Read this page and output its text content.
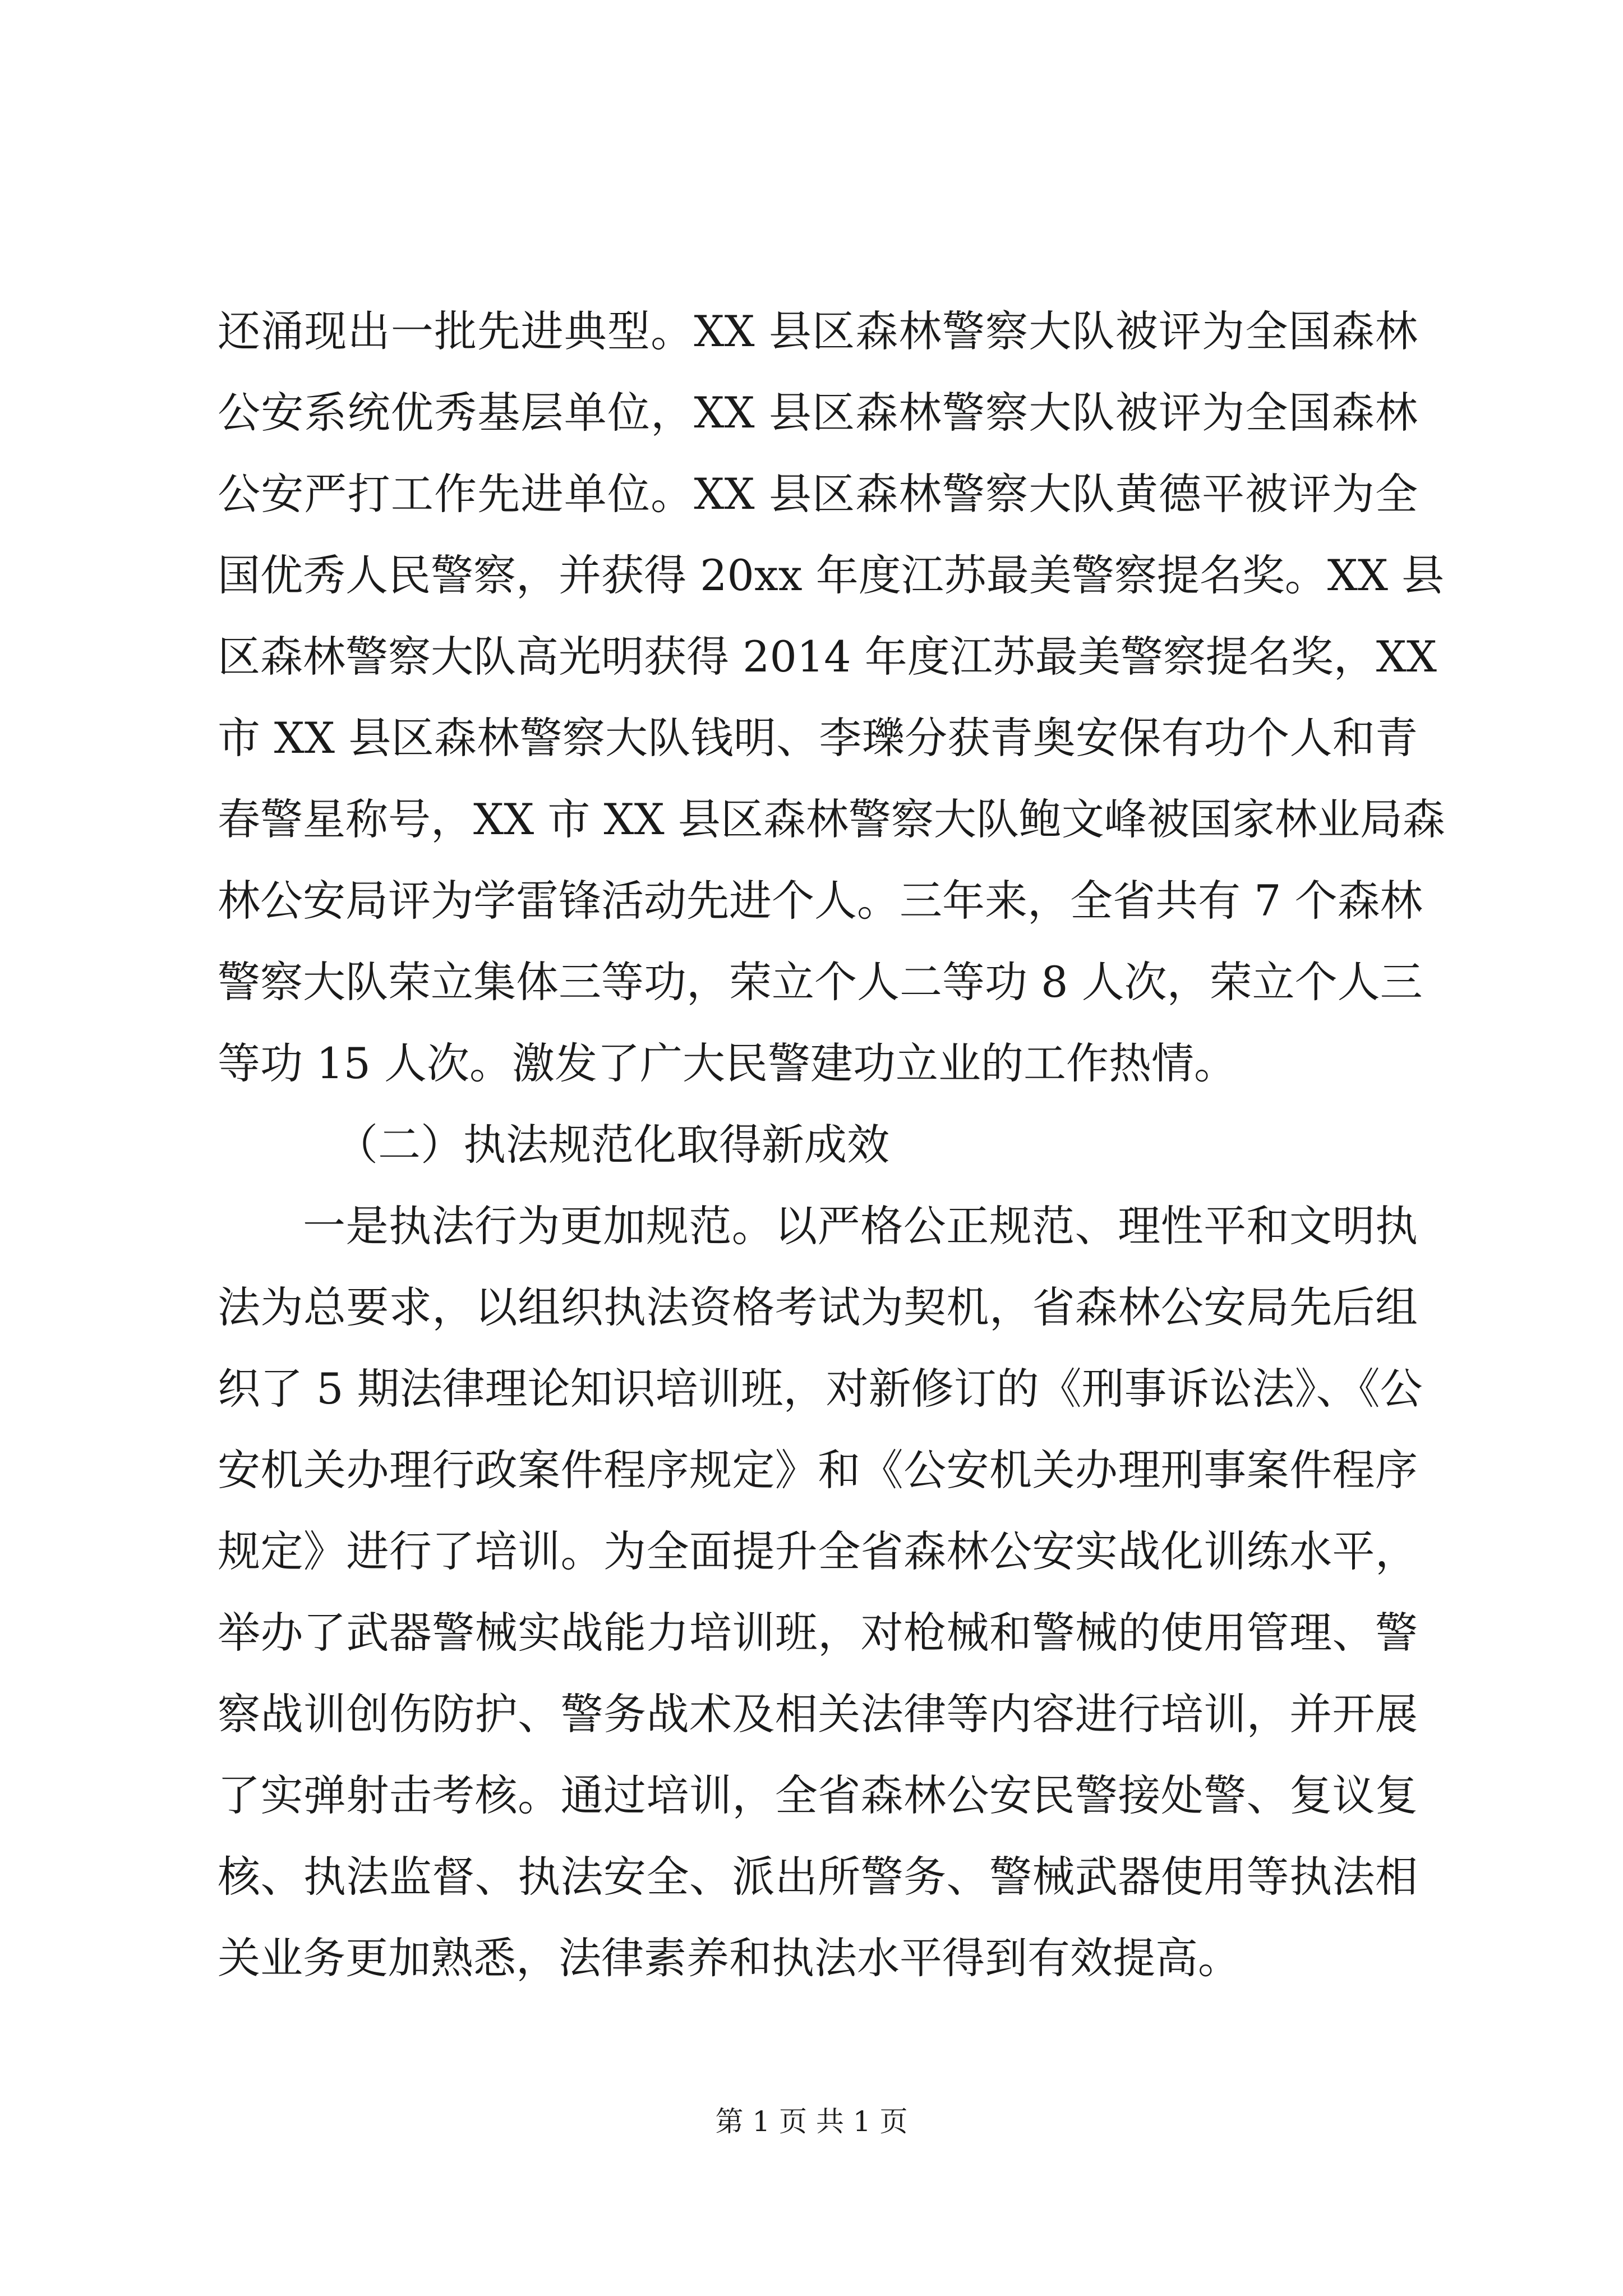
还涌现出一批先进典型。XX 县区森林警察大队被评为全国森林
公安系统优秀基层单位，XX 县区森林警察大队被评为全国森林
公安严打工作先进单位。XX 县区森林警察大队黄德平被评为全
国优秀人民警察，并获得 20xx 年度江苏最美警察提名奖。XX 县
区森林警察大队高光明获得 2014 年度江苏最美警察提名奖，XX
市 XX 县区森林警察大队钱明、李瓅分获青奥安保有功个人和青
春警星称号，XX 市 XX 县区森林警察大队鲍文峰被国家林业局森
林公安局评为学雷锋活动先进个人。三年来，全省共有 7 个森林
警察大队荣立集体三等功，荣立个人二等功 8 人次，荣立个人三
等功 15 人次。激发了广大民警建功立业的工作热情。
（二）执法规范化取得新成效
一是执法行为更加规范。以严格公正规范、理性平和文明执
法为总要求，以组织执法资格考试为契机，省森林公安局先后组
织了 5 期法律理论知识培训班，对新修订的《刑事诉讼法》、《公
安机关办理行政案件程序规定》和《公安机关办理刑事案件程序
规定》进行了培训。为全面提升全省森林公安实战化训练水平，
举办了武器警械实战能力培训班，对枪械和警械的使用管理、警
察战训创伤防护、警务战术及相关法律等内容进行培训，并开展
了实弹射击考核。通过培训，全省森林公安民警接处警、复议复
核、执法监督、执法安全、派出所警务、警械武器使用等执法相
关业务更加熟悉，法律素养和执法水平得到有效提高。
第 1 页 共 1 页
